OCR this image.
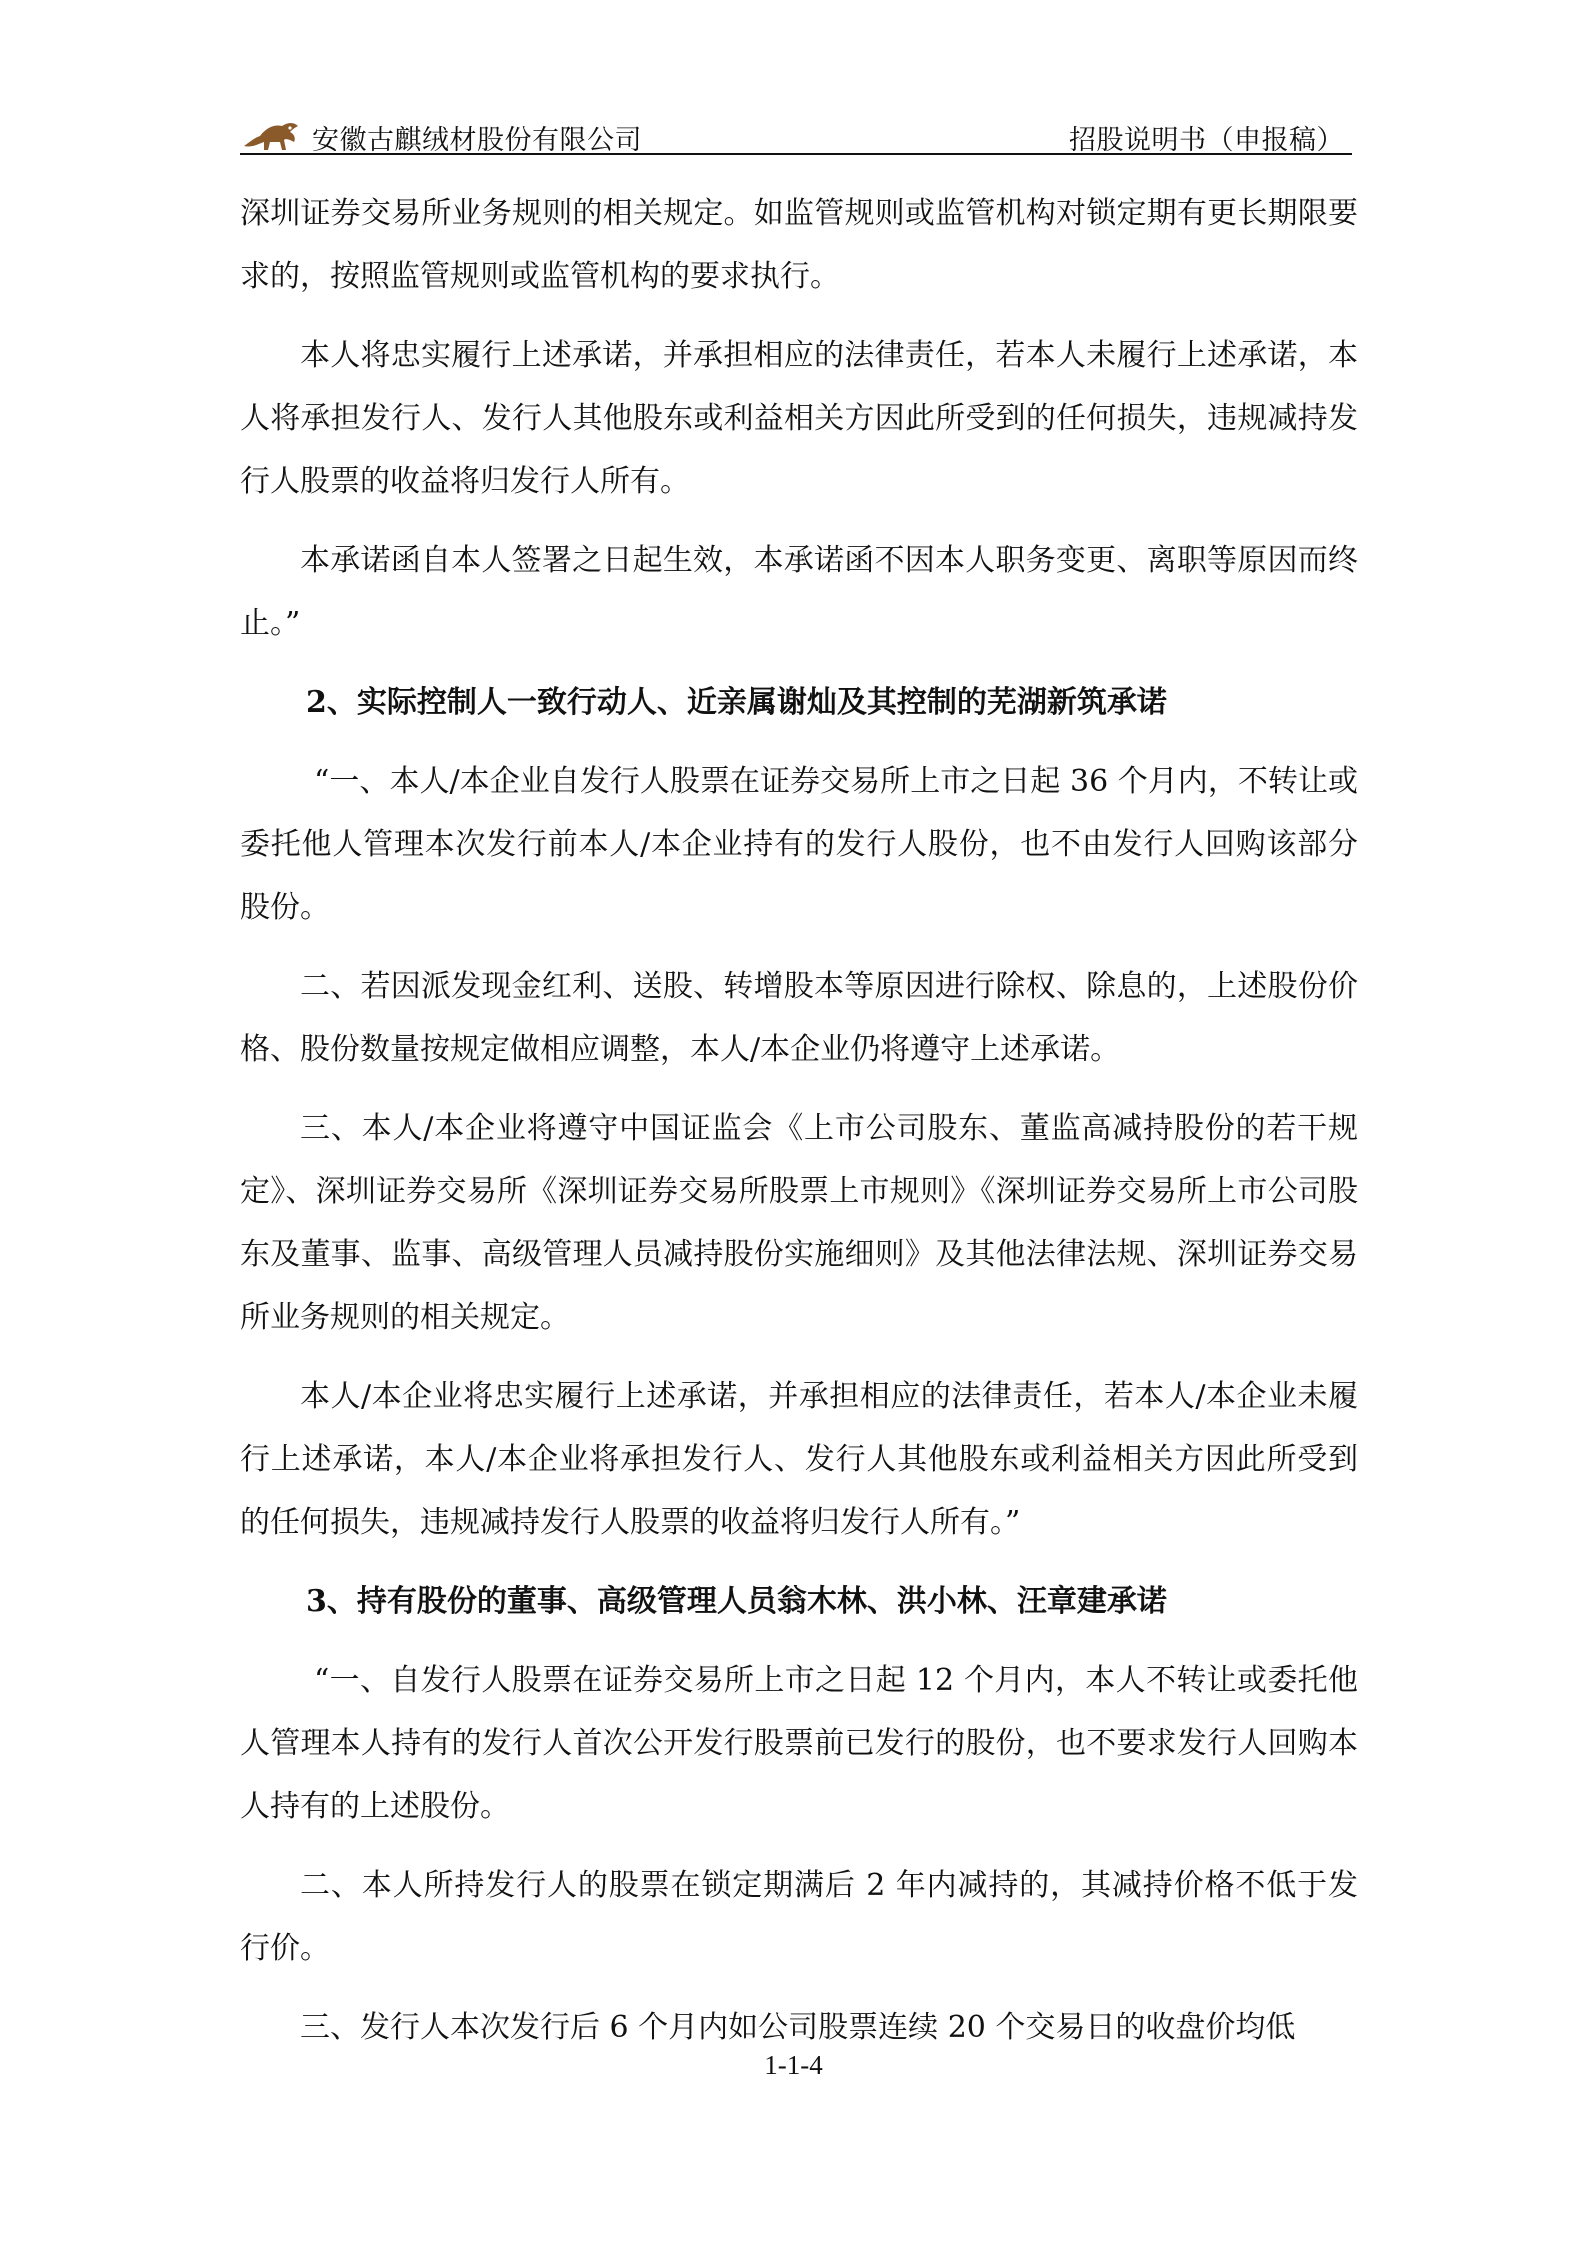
安徽古麒绒材股份有限公司	招股说明书（申报稿）

深圳证券交易所业务规则的相关规定。如监管规则或监管机构对锁定期有更长期限要求的，按照监管规则或监管机构的要求执行。

本人将忠实履行上述承诺，并承担相应的法律责任，若本人未履行上述承诺，本人将承担发行人、发行人其他股东或利益相关方因此所受到的任何损失，违规减持发行人股票的收益将归发行人所有。

本承诺函自本人签署之日起生效，本承诺函不因本人职务变更、离职等原因而终止。”

2、实际控制人一致行动人、近亲属谢灿及其控制的芜湖新筑承诺

“一、本人/本企业自发行人股票在证券交易所上市之日起 36 个月内，不转让或委托他人管理本次发行前本人/本企业持有的发行人股份，也不由发行人回购该部分股份。

二、若因派发现金红利、送股、转增股本等原因进行除权、除息的，上述股份价格、股份数量按规定做相应调整，本人/本企业仍将遵守上述承诺。

三、本人/本企业将遵守中国证监会《上市公司股东、董监高减持股份的若干规定》、深圳证券交易所《深圳证券交易所股票上市规则》《深圳证券交易所上市公司股东及董事、监事、高级管理人员减持股份实施细则》及其他法律法规、深圳证券交易所业务规则的相关规定。

本人/本企业将忠实履行上述承诺，并承担相应的法律责任，若本人/本企业未履行上述承诺，本人/本企业将承担发行人、发行人其他股东或利益相关方因此所受到的任何损失，违规减持发行人股票的收益将归发行人所有。”

3、持有股份的董事、高级管理人员翁木林、洪小林、汪章建承诺

“一、自发行人股票在证券交易所上市之日起 12 个月内，本人不转让或委托他人管理本人持有的发行人首次公开发行股票前已发行的股份，也不要求发行人回购本人持有的上述股份。

二、本人所持发行人的股票在锁定期满后 2 年内减持的，其减持价格不低于发行价。

三、发行人本次发行后 6 个月内如公司股票连续 20 个交易日的收盘价均低

1-1-4
